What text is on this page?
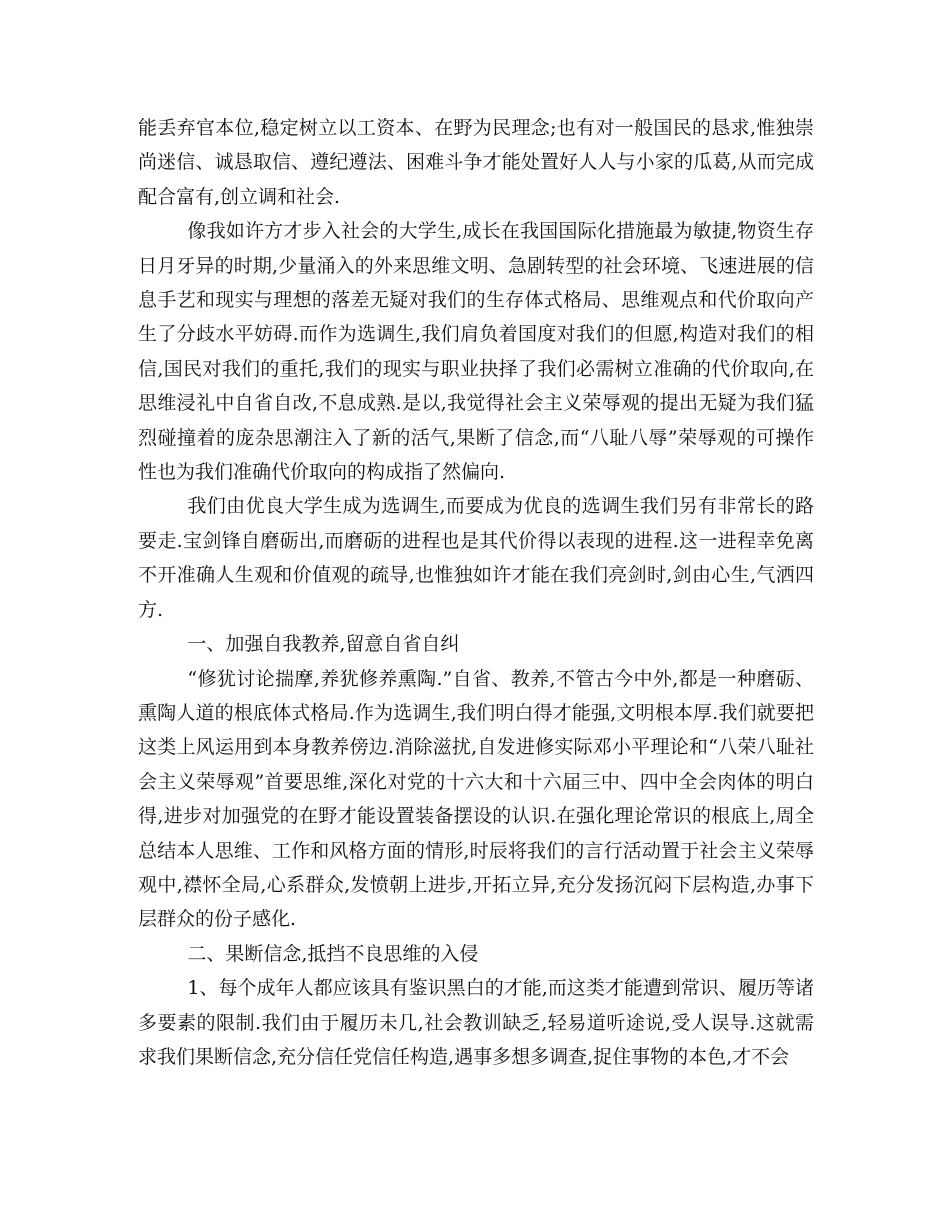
能丢弃官本位,稳定树立以工资本、在野为民理念;也有对一般国民的恳求,惟独崇尚迷信、诚恳取信、遵纪遵法、困难斗争才能处置好人人与小家的瓜葛,从而完成配合富有,创立调和社会.

像我如许方才步入社会的大学生,成长在我国国际化措施最为敏捷,物资生存日月牙异的时期,少量涌入的外来思维文明、急剧转型的社会环境、飞速进展的信息手艺和现实与理想的落差无疑对我们的生存体式格局、思维观点和代价取向产生了分歧水平妨碍.而作为选调生,我们肩负着国度对我们的但愿,构造对我们的相信,国民对我们的重托,我们的现实与职业抉择了我们必需树立准确的代价取向,在思维浸礼中自省自改,不息成熟.是以,我觉得社会主义荣辱观的提出无疑为我们猛烈碰撞着的庞杂思潮注入了新的活气,果断了信念,而“八耻八辱”荣辱观的可操作性也为我们准确代价取向的构成指了然偏向.

我们由优良大学生成为选调生,而要成为优良的选调生我们另有非常长的路要走.宝剑锋自磨砺出,而磨砺的进程也是其代价得以表现的进程.这一进程幸免离不开准确人生观和价值观的疏导,也惟独如许才能在我们亮剑时,剑由心生,气洒四方.

一、加强自我教养,留意自省自纠

“修犹讨论揣摩,养犹修养熏陶.”自省、教养,不管古今中外,都是一种磨砺、熏陶人道的根底体式格局.作为选调生,我们明白得才能强,文明根本厚.我们就要把这类上风运用到本身教养傍边.消除滋扰,自发进修实际邓小平理论和“八荣八耻社会主义荣辱观”首要思维,深化对党的十六大和十六届三中、四中全会肉体的明白得,进步对加强党的在野才能设置装备摆设的认识.在强化理论常识的根底上,周全总结本人思维、工作和风格方面的情形,时辰将我们的言行活动置于社会主义荣辱观中,襟怀全局,心系群众,发愤朝上进步,开拓立异,充分发扬沉闷下层构造,办事下层群众的份子感化.

二、果断信念,抵挡不良思维的入侵

1、每个成年人都应该具有鉴识黑白的才能,而这类才能遭到常识、履历等诸多要素的限制.我们由于履历未几,社会教训缺乏,轻易道听途说,受人误导.这就需求我们果断信念,充分信任党信任构造,遇事多想多调查,捉住事物的本色,才不会
